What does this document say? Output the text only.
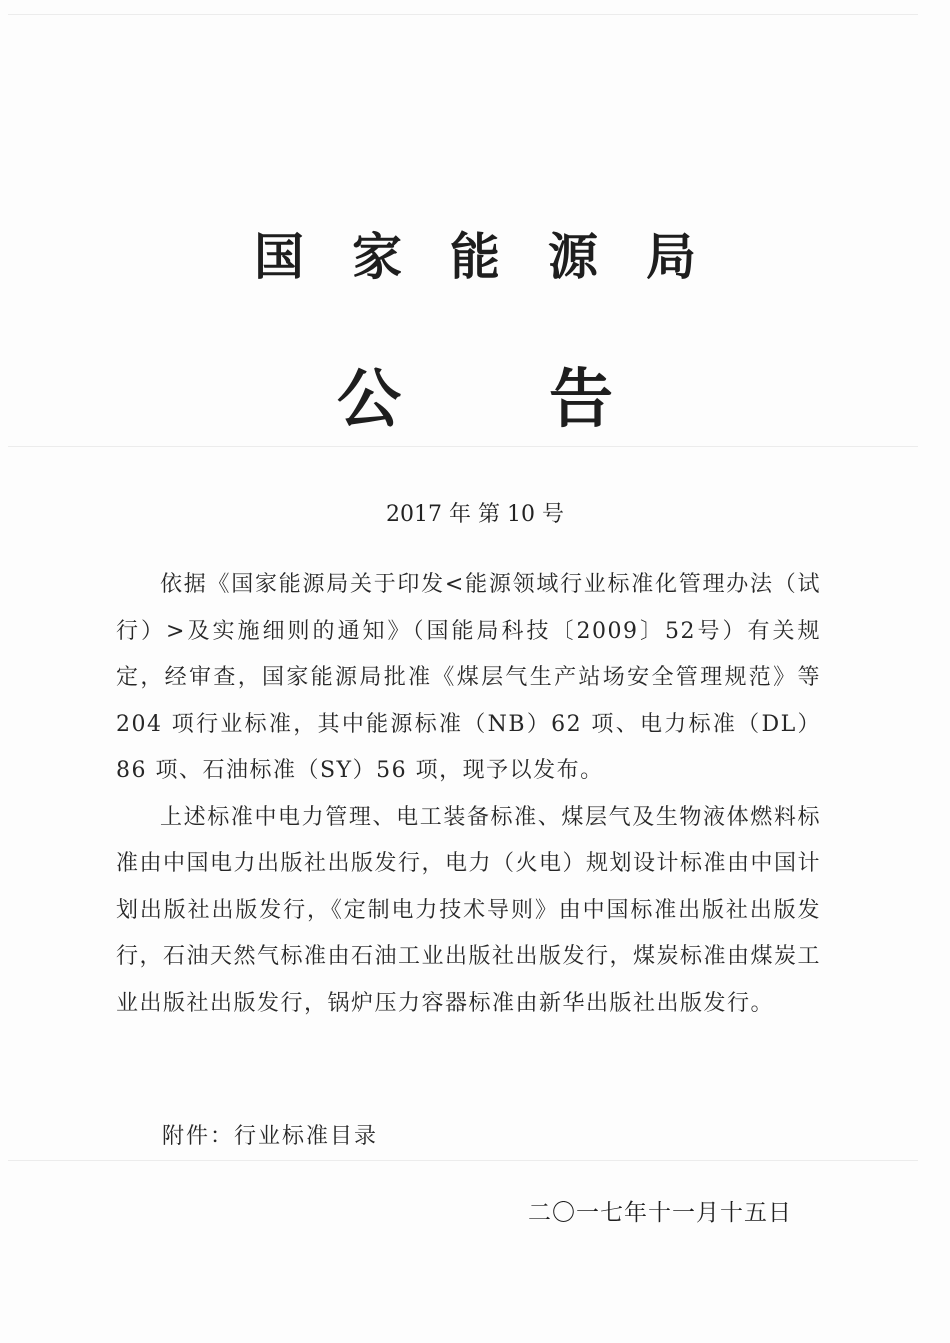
国家能源局
公告
2017 年 第 10 号

依据《国家能源局关于印发<能源领域行业标准化管理办法（试行）>及实施细则的通知》（国能局科技〔2009〕52号）有关规定，经审查，国家能源局批准《煤层气生产站场安全管理规范》等 204 项行业标准，其中能源标准（NB）62 项、电力标准（DL）86 项、石油标准（SY）56 项，现予以发布。

上述标准中电力管理、电工装备标准、煤层气及生物液体燃料标准由中国电力出版社出版发行，电力（火电）规划设计标准由中国计划出版社出版发行，《定制电力技术导则》由中国标准出版社出版发行，石油天然气标准由石油工业出版社出版发行，煤炭标准由煤炭工业出版社出版发行，锅炉压力容器标准由新华出版社出版发行。

附件：行业标准目录
二〇一七年十一月十五日
